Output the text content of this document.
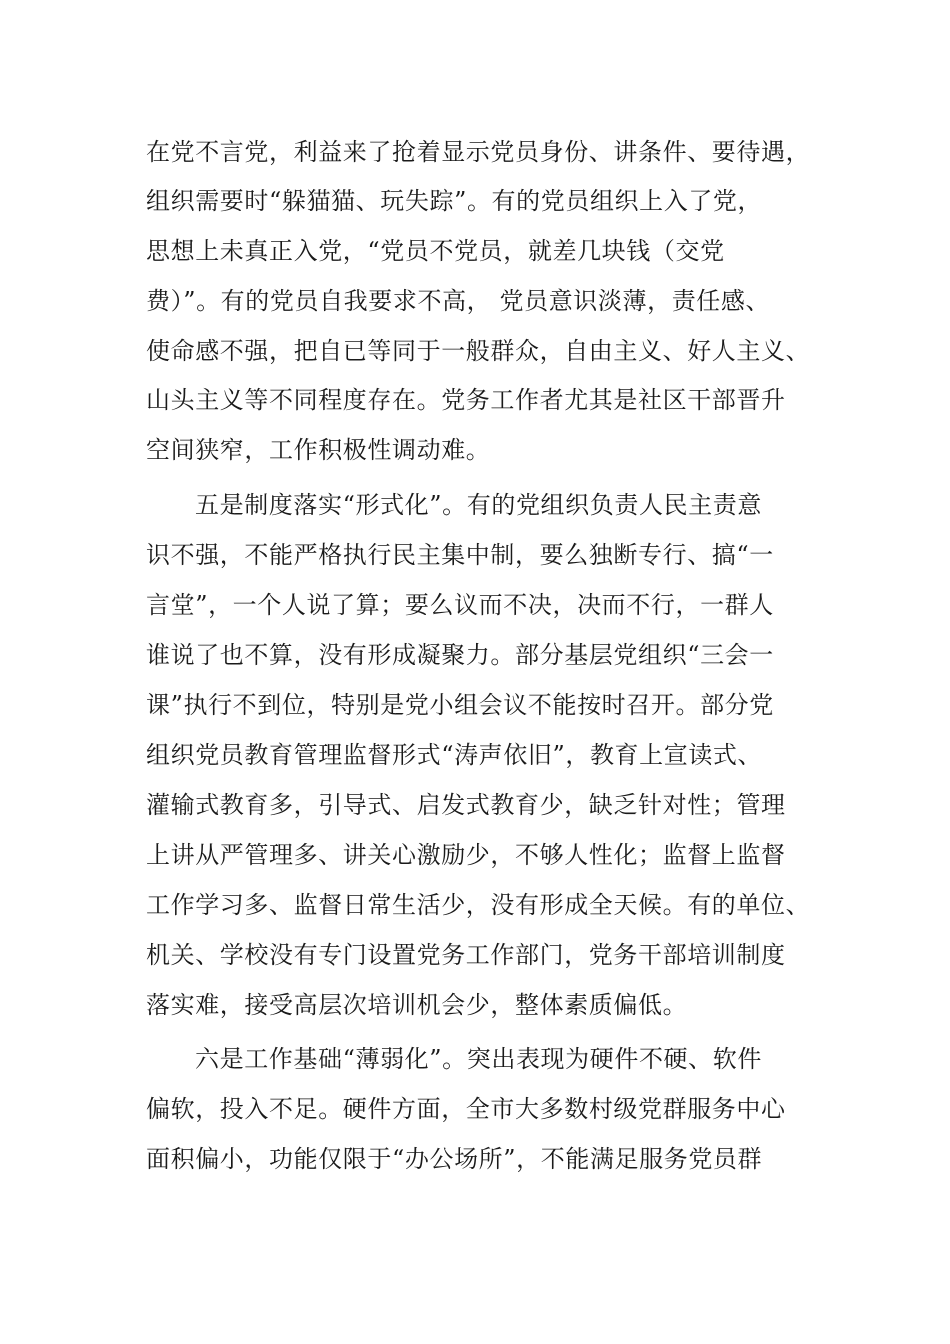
在党不言党，利益来了抢着显示党员身份、讲条件、要待遇，
组织需要时“躲猫猫、玩失踪”。有的党员组织上入了党，
思想上未真正入党，“党员不党员，就差几块钱（交党
费）”。有的党员自我要求不高， 党员意识淡薄，责任感、
使命感不强，把自已等同于一般群众，自由主义、好人主义、
山头主义等不同程度存在。党务工作者尤其是社区干部晋升
空间狭窄，工作积极性调动难。
五是制度落实“形式化”。有的党组织负责人民主责意
识不强，不能严格执行民主集中制，要么独断专行、搞“一
言堂”，一个人说了算；要么议而不决，决而不行，一群人
谁说了也不算，没有形成凝聚力。部分基层党组织“三会一
课”执行不到位，特别是党小组会议不能按时召开。部分党
组织党员教育管理监督形式“涛声依旧”，教育上宣读式、
灌输式教育多，引导式、启发式教育少，缺乏针对性；管理
上讲从严管理多、讲关心激励少，不够人性化；监督上监督
工作学习多、监督日常生活少，没有形成全天候。有的单位、
机关、学校没有专门设置党务工作部门，党务干部培训制度
落实难，接受高层次培训机会少，整体素质偏低。
六是工作基础“薄弱化”。突出表现为硬件不硬、软件
偏软，投入不足。硬件方面，全市大多数村级党群服务中心
面积偏小，功能仅限于“办公场所”，不能满足服务党员群
